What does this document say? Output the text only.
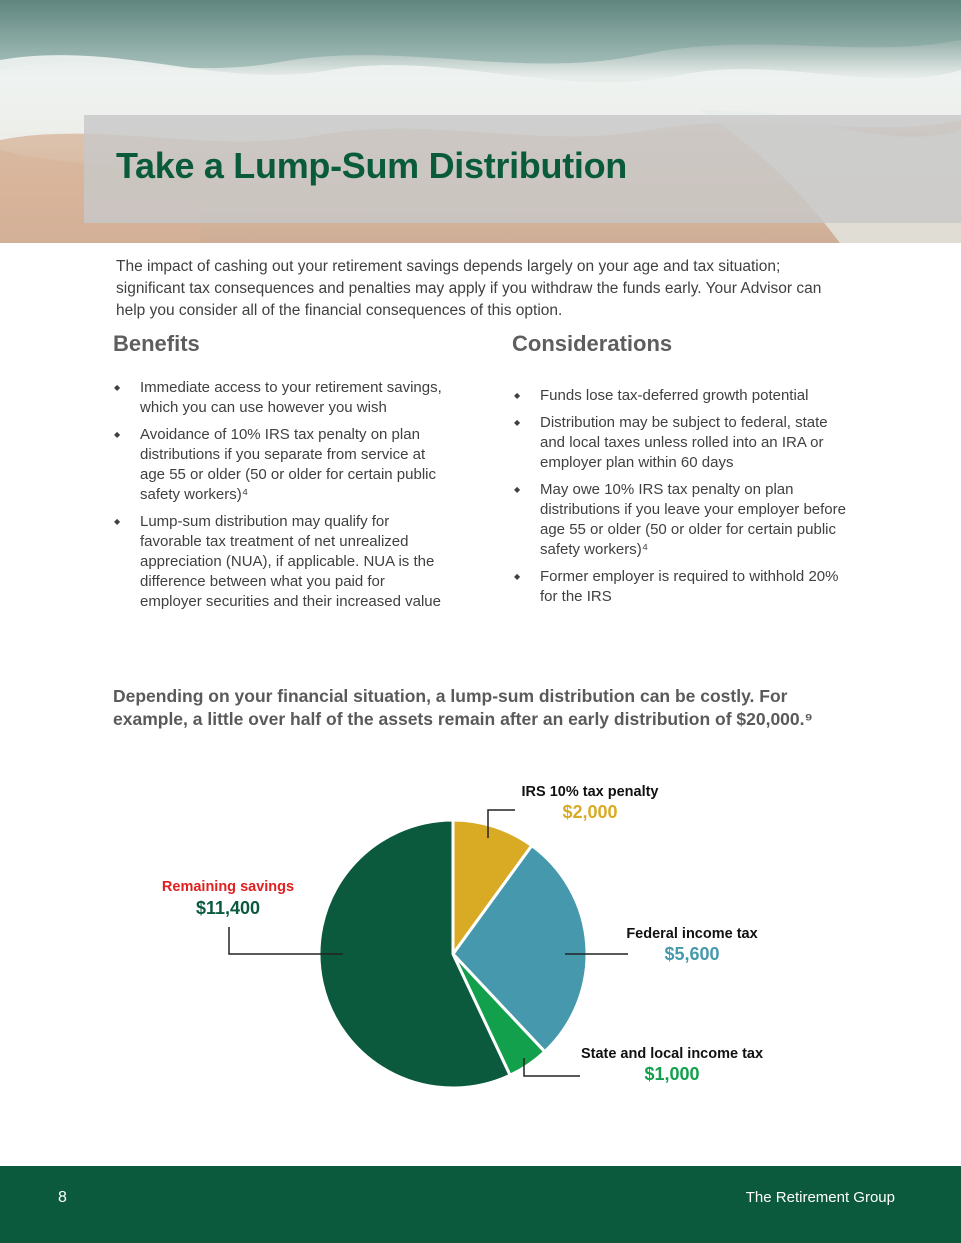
Take a Lump-Sum Distribution

The impact of cashing out your retirement savings depends largely on your age and tax situation; significant tax consequences and penalties may apply if you withdraw the funds early. Your Advisor can help you consider all of the financial consequences of this option.

Benefits
◆ Immediate access to your retirement savings, which you can use however you wish
◆ Avoidance of 10% IRS tax penalty on plan distributions if you separate from service at age 55 or older (50 or older for certain public safety workers)⁴
◆ Lump-sum distribution may qualify for favorable tax treatment of net unrealized appreciation (NUA), if applicable. NUA is the difference between what you paid for employer securities and their increased value
Considerations
◆ Funds lose tax-deferred growth potential
◆ Distribution may be subject to federal, state and local taxes unless rolled into an IRA or employer plan within 60 days
◆ May owe 10% IRS tax penalty on plan distributions if you leave your employer before age 55 or older (50 or older for certain public safety workers)⁴
◆ Former employer is required to withhold 20% for the IRS

Depending on your financial situation, a lump-sum distribution can be costly. For example, a little over half of the assets remain after an early distribution of $20,000.⁹

IRS 10% tax penalty
$2,000
Federal income tax
$5,600
State and local income tax
$1,000
Remaining savings
$11,400
8	The Retirement Group
